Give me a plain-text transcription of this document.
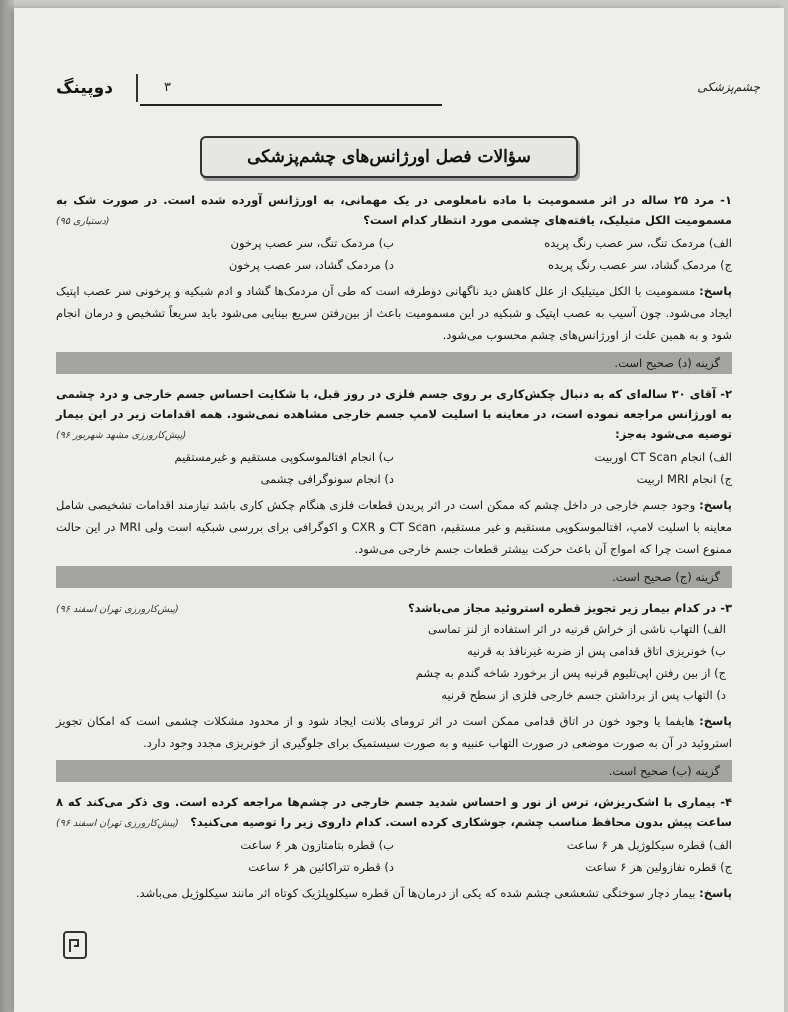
چشم‌پزشکی
۳
دوپینگ
سؤالات فصل اورژانس‌های چشم‌پزشکی

۱- مرد ۲۵ ساله در اثر مسمومیت با ماده نامعلومی در یک مهمانی، به اورژانس آورده شده است. در صورت شک به مسمومیت الکل متیلیک، یافته‌های چشمی مورد انتظار کدام است؟
(دستیاری ۹۵)

الف) مردمک تنگ، سر عصب رنگ پریده
ب) مردمک تنگ، سر عصب پرخون
ج) مردمک گشاد، سر عصب رنگ پریده
د) مردمک گشاد، سر عصب پرخون
پاسخ: مسمومیت با الکل میتیلیک از علل کاهش دید ناگهانی دوطرفه است که طی آن مردمک‌ها گشاد و ادم شبکیه و پرخونی سر عصب اپتیک ایجاد می‌شود. چون آسیب به عصب اپتیک و شبکیه در این مسمومیت باعث از بین‌رفتن سریع بینایی می‌شود باید سریعاً تشخیص و درمان انجام شود و به همین علت از اورژانس‌های چشم محسوب می‌شود.
گزینه (د) صحیح است.

۲- آقای ۳۰ ساله‌ای که به دنبال چکش‌کاری بر روی جسم فلزی در روز قبل، با شکایت احساس جسم خارجی و درد چشمی به اورژانس مراجعه نموده است، در معاینه با اسلیت لامپ جسم خارجی مشاهده نمی‌شود. همه اقدامات زیر در این بیمار توصیه می‌شود به‌جز:
(پیش‌کارورزی مشهد شهریور ۹۶)

الف) انجام CT Scan اوربیت
ب) انجام افتالموسکوپی مستقیم و غیرمستقیم
ج) انجام MRI اربیت
د) انجام سونوگرافی چشمی
پاسخ: وجود جسم خارجی در داخل چشم که ممکن است در اثر پریدن قطعات فلزی هنگام چکش کاری باشد نیازمند اقدامات تشخیصی شامل معاینه با اسلیت لامپ، افتالموسکوپی مستقیم و غیر مستقیم، CT Scan و CXR و اکوگرافی برای بررسی شبکیه است ولی MRI در این حالت ممنوع است چرا که امواج آن باعث حرکت بیشتر قطعات جسم خارجی می‌شود.
گزینه (ج) صحیح است.

۳- در کدام بیمار زیر تجویز قطره استروئید مجاز می‌باشد؟
(پیش‌کارورزی تهران اسفند ۹۶)

الف) التهاب ناشی از خراش قرنیه در اثر استفاده از لنز تماسی
ب) خونریزی اتاق قدامی پس از ضربه غیرنافذ به قرنیه
ج) از بین رفتن اپی‌تلیوم قرنیه پس از برخورد شاخه گندم به چشم
د) التهاب پس از برداشتن جسم خارجی فلزی از سطح قرنیه
پاسخ: هایفما یا وجود خون در اتاق قدامی ممکن است در اثر ترومای بلانت ایجاد شود و از محدود مشکلات چشمی است که امکان تجویز استروئید در آن به صورت موضعی در صورت التهاب عنبیه و به صورت سیستمیک برای جلوگیری از خونریزی مجدد وجود دارد.
گزینه (ب) صحیح است.

۴- بیماری با اشک‌ریزش، ترس از نور و احساس شدید جسم خارجی در چشم‌ها مراجعه کرده است. وی ذکر می‌کند که ۸ ساعت پیش بدون محافظ مناسب چشم، جوشکاری کرده است. کدام داروی زیر را توصیه می‌کنید؟
(پیش‌کارورزی تهران اسفند ۹۶)

الف) قطره سیکلوژیل هر ۶ ساعت
ب) قطره بتامتازون هر ۶ ساعت
ج) قطره نفازولین هر ۶ ساعت
د) قطره تتراکائین هر ۶ ساعت
پاسخ: بیمار دچار سوختگی تشعشعی چشم شده که یکی از درمان‌ها آن قطره سیکلوپلژیک کوتاه اثر مانند سیکلوژیل می‌باشد.
